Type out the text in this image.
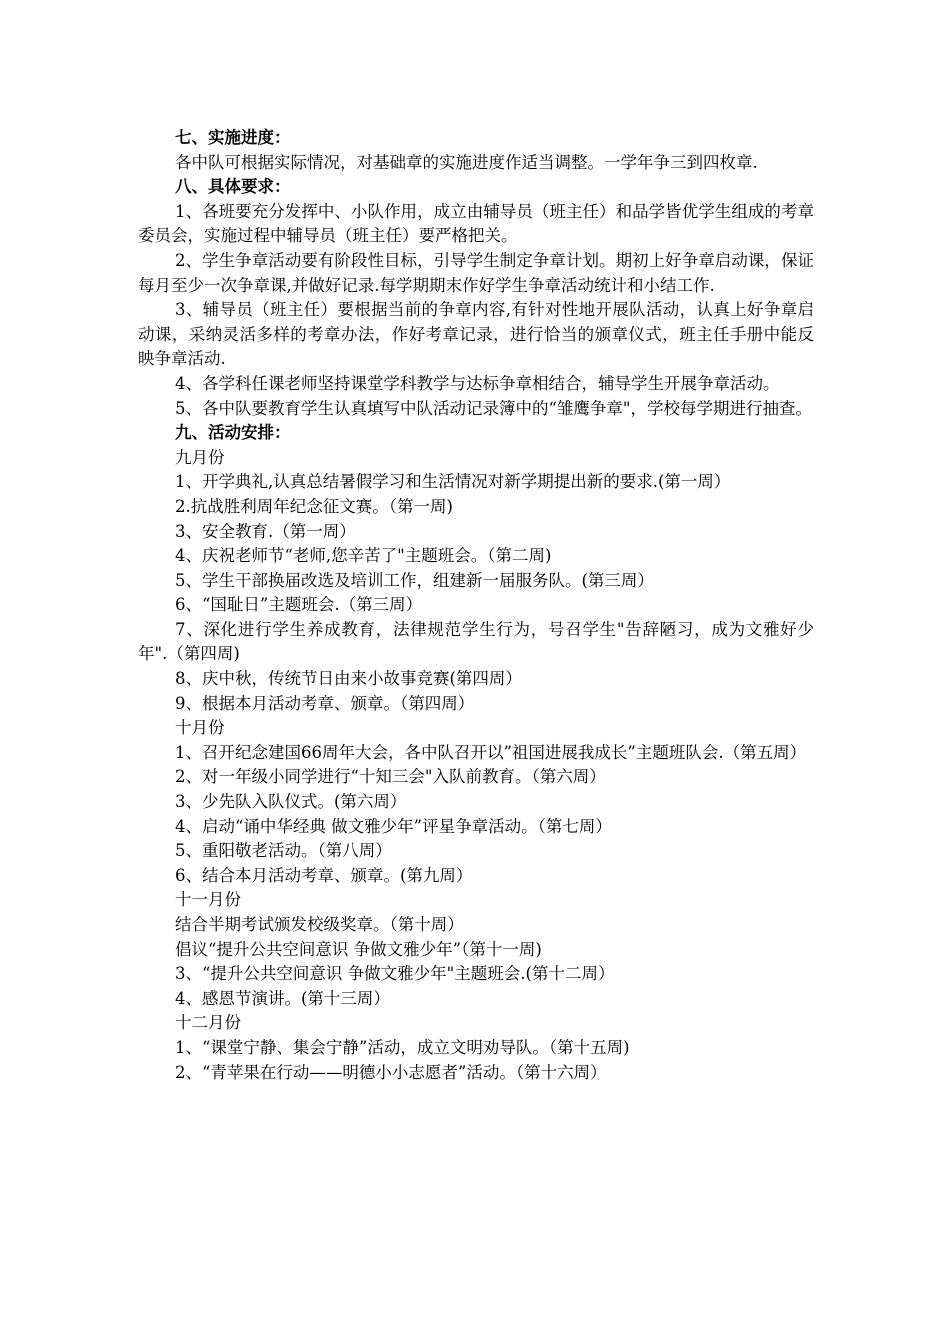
七、实施进度：

各中队可根据实际情况，对基础章的实施进度作适当调整。一学年争三到四枚章.

八、具体要求：

1、各班要充分发挥中、小队作用，成立由辅导员（班主任）和品学皆优学生组成的考章委员会，实施过程中辅导员（班主任）要严格把关。

2、学生争章活动要有阶段性目标，引导学生制定争章计划。期初上好争章启动课，保证每月至少一次争章课,并做好记录.每学期期末作好学生争章活动统计和小结工作.

3、辅导员（班主任）要根据当前的争章内容,有针对性地开展队活动，认真上好争章启动课，采纳灵活多样的考章办法，作好考章记录，进行恰当的颁章仪式，班主任手册中能反映争章活动.

4、各学科任课老师坚持课堂学科教学与达标争章相结合，辅导学生开展争章活动。

5、各中队要教育学生认真填写中队活动记录簿中的“雏鹰争章"，学校每学期进行抽查。

九、活动安排：

九月份

1、开学典礼,认真总结暑假学习和生活情况对新学期提出新的要求.(第一周）

2.抗战胜利周年纪念征文赛。（第一周)

3、安全教育.（第一周）

4、庆祝老师节“老师,您辛苦了"主题班会。（第二周)

5、学生干部换届改选及培训工作，组建新一届服务队。(第三周）

6、“国耻日”主题班会.（第三周）

7、深化进行学生养成教育，法律规范学生行为，号召学生"告辞陋习，成为文雅好少年".（第四周)

8、庆中秋，传统节日由来小故事竞赛(第四周）

9、根据本月活动考章、颁章。（第四周）

十月份

1、召开纪念建国66周年大会，各中队召开以”祖国进展我成长”主题班队会.（第五周）

2、对一年级小同学进行“十知三会"入队前教育。（第六周）

3、少先队入队仪式。(第六周）

4、启动“诵中华经典 做文雅少年”评星争章活动。（第七周）

5、重阳敬老活动。（第八周）

6、结合本月活动考章、颁章。(第九周）

十一月份

结合半期考试颁发校级奖章。（第十周）

倡议“提升公共空间意识 争做文雅少年”（第十一周)

3、“提升公共空间意识 争做文雅少年"主题班会.(第十二周）

4、感恩节演讲。(第十三周）

十二月份

1、“课堂宁静、集会宁静”活动，成立文明劝导队。（第十五周)

2、“青苹果在行动——明德小小志愿者”活动。（第十六周）
